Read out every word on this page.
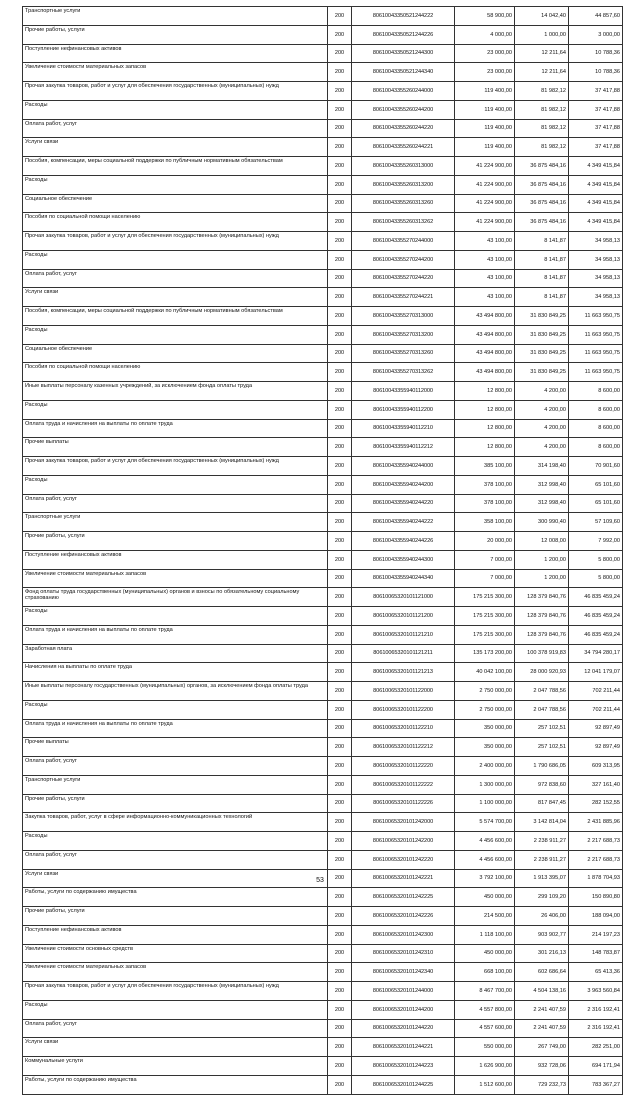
Транспортные услуги	200	80610043350521244222	58 900,00	14 042,40	44 857,60
Прочие работы, услуги	200	80610043350521244226	4 000,00	1 000,00	3 000,00
Поступление нефинансовых активов	200	80610043350521244300	23 000,00	12 211,64	10 788,36
Увеличение стоимости материальных запасов	200	80610043350521244340	23 000,00	12 211,64	10 788,36
Прочая закупка товаров, работ и услуг для обеспечения государственных (муниципальных) нужд	200	80610043355260244000	119 400,00	81 982,12	37 417,88
Расходы	200	80610043355260244200	119 400,00	81 982,12	37 417,88
Оплата работ, услуг	200	80610043355260244220	119 400,00	81 982,12	37 417,88
Услуги связи	200	80610043355260244221	119 400,00	81 982,12	37 417,88
Пособия, компенсации, меры социальной поддержки по публичным нормативным обязательствам	200	80610043355260313000	41 224 900,00	36 875 484,16	4 349 415,84
Расходы	200	80610043355260313200	41 224 900,00	36 875 484,16	4 349 415,84
Социальное обеспечение	200	80610043355260313260	41 224 900,00	36 875 484,16	4 349 415,84
Пособия по социальной помощи населению	200	80610043355260313262	41 224 900,00	36 875 484,16	4 349 415,84
Прочая закупка товаров, работ и услуг для обеспечения государственных (муниципальных) нужд	200	80610043355270244000	43 100,00	8 141,87	34 958,13
Расходы	200	80610043355270244200	43 100,00	8 141,87	34 958,13
Оплата работ, услуг	200	80610043355270244220	43 100,00	8 141,87	34 958,13
Услуги связи	200	80610043355270244221	43 100,00	8 141,87	34 958,13
Пособия, компенсации, меры социальной поддержки по публичным нормативным обязательствам	200	80610043355270313000	43 494 800,00	31 830 849,25	11 663 950,75
Расходы	200	80610043355270313200	43 494 800,00	31 830 849,25	11 663 950,75
Социальное обеспечение	200	80610043355270313260	43 494 800,00	31 830 849,25	11 663 950,75
Пособия по социальной помощи населению	200	80610043355270313262	43 494 800,00	31 830 849,25	11 663 950,75
Иные выплаты персоналу казенных учреждений, за исключением фонда оплаты труда	200	80610043355940112000	12 800,00	4 200,00	8 600,00
Расходы	200	80610043355940112200	12 800,00	4 200,00	8 600,00
Оплата труда и начисления на выплаты по оплате труда	200	80610043355940112210	12 800,00	4 200,00	8 600,00
Прочие выплаты	200	80610043355940112212	12 800,00	4 200,00	8 600,00
Прочая закупка товаров, работ и услуг для обеспечения государственных (муниципальных) нужд	200	80610043355940244000	385 100,00	314 198,40	70 901,60
Расходы	200	80610043355940244200	378 100,00	312 998,40	65 101,60
Оплата работ, услуг	200	80610043355940244220	378 100,00	312 998,40	65 101,60
Транспортные услуги	200	80610043355940244222	358 100,00	300 990,40	57 109,60
Прочие работы, услуги	200	80610043355940244226	20 000,00	12 008,00	7 992,00
Поступление нефинансовых активов	200	80610043355940244300	7 000,00	1 200,00	5 800,00
Увеличение стоимости материальных запасов	200	80610043355940244340	7 000,00	1 200,00	5 800,00
Фонд оплаты труда государственных (муниципальных) органов и взносы по обязательному социальному страхованию	200	80610065320101121000	175 215 300,00	128 379 840,76	46 835 459,24
Расходы	200	80610065320101121200	175 215 300,00	128 379 840,76	46 835 459,24
Оплата труда и начисления на выплаты по оплате труда	200	80610065320101121210	175 215 300,00	128 379 840,76	46 835 459,24
Заработная плата	200	80610065320101121211	135 173 200,00	100 378 919,83	34 794 280,17
Начисления на выплаты по оплате труда	200	80610065320101121213	40 042 100,00	28 000 920,93	12 041 179,07
Иные выплаты персоналу государственных (муниципальных) органов, за исключением фонда оплаты труда	200	80610065320101122000	2 750 000,00	2 047 788,56	702 211,44
Расходы	200	80610065320101122200	2 750 000,00	2 047 788,56	702 211,44
Оплата труда и начисления на выплаты по оплате труда	200	80610065320101122210	350 000,00	257 102,51	92 897,49
Прочие выплаты	200	80610065320101122212	350 000,00	257 102,51	92 897,49
Оплата работ, услуг	200	80610065320101122220	2 400 000,00	1 790 686,05	609 313,95
Транспортные услуги	200	80610065320101122222	1 300 000,00	972 838,60	327 161,40
Прочие работы, услуги	200	80610065320101122226	1 100 000,00	817 847,45	282 152,55
Закупка товаров, работ, услуг в сфере информационно-коммуникационных технологий	200	80610065320101242000	5 574 700,00	3 142 814,04	2 431 885,96
Расходы	200	80610065320101242200	4 456 600,00	2 238 911,27	2 217 688,73
Оплата работ, услуг	200	80610065320101242220	4 456 600,00	2 238 911,27	2 217 688,73
Услуги связи	200	80610065320101242221	3 792 100,00	1 913 395,07	1 878 704,93
Работы, услуги по содержанию имущества	200	80610065320101242225	450 000,00	299 109,20	150 890,80
Прочие работы, услуги	200	80610065320101242226	214 500,00	26 406,00	188 094,00
Поступление нефинансовых активов	200	80610065320101242300	1 118 100,00	903 902,77	214 197,23
Увеличение стоимости основных средств	200	80610065320101242310	450 000,00	301 216,13	148 783,87
Увеличение стоимости материальных запасов	200	80610065320101242340	668 100,00	602 686,64	65 413,36
Прочая закупка товаров, работ и услуг для обеспечения государственных (муниципальных) нужд	200	80610065320101244000	8 467 700,00	4 504 138,16	3 963 560,84
Расходы	200	80610065320101244200	4 557 800,00	2 241 407,59	2 316 192,41
Оплата работ, услуг	200	80610065320101244220	4 557 600,00	2 241 407,59	2 316 192,41
Услуги связи	200	80610065320101244221	550 000,00	267 749,00	282 251,00
Коммунальные услуги	200	80610065320101244223	1 626 900,00	932 728,06	694 171,94
Работы, услуги по содержанию имущества	200	80610065320101244225	1 512 600,00	729 232,73	783 367,27
53
